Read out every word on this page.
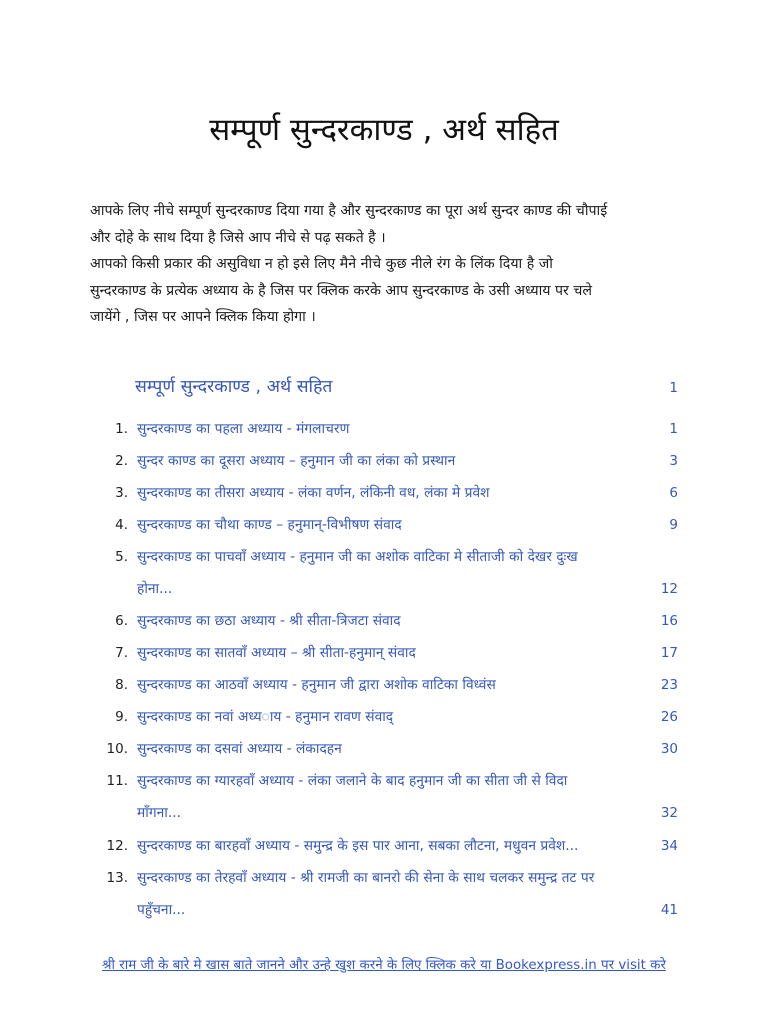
सम्पूर्ण सुन्दरकाण्ड , अर्थ सहित

आपके लिए नीचे सम्पूर्ण सुन्दरकाण्ड दिया गया है और सुन्दरकाण्ड का पूरा अर्थ सुन्दर काण्ड की चौपाई

और दोहे के साथ दिया है जिसे आप नीचे से पढ़ सकते है ।

आपको किसी प्रकार की असुविधा न हो इसे लिए मैने नीचे कुछ नीले रंग के लिंक दिया है जो

सुन्दरकाण्ड के प्रत्येक अध्याय के है जिस पर क्लिक करके आप सुन्दरकाण्ड के उसी अध्याय पर चले

जायेंगे , जिस पर आपने क्लिक किया होगा ।

सम्पूर्ण सुन्दरकाण्ड , अर्थ सहित	1
1. सुन्दरकाण्ड का पहला अध्याय - मंगलाचरण	1
2. सुन्दर काण्ड का दूसरा अध्याय – हनुमान जी का लंका को प्रस्थान	3
3. सुन्दरकाण्ड का तीसरा अध्याय - लंका वर्णन, लंकिनी वध, लंका मे प्रवेश	6
4. सुन्दरकाण्ड का चौथा काण्ड – हनुमान्-विभीषण संवाद	9
5. सुन्दरकाण्ड का पाचवाँ अध्याय - हनुमान जी का अशोक वाटिका मे सीताजी को देखर दुःख
होना...	12
6. सुन्दरकाण्ड का छठा अध्याय - श्री सीता-त्रिजटा संवाद	16
7. सुन्दरकाण्ड का सातवाँ अध्याय – श्री सीता-हनुमान् संवाद	17
8. सुन्दरकाण्ड का आठवाँ अध्याय - हनुमान जी द्वारा अशोक वाटिका विध्वंस	23
9. सुन्दरकाण्ड का नवां अध्य◌ाय - हनुमान रावण संवाद्	26
10. सुन्दरकाण्ड का दसवां अध्याय - लंकादहन	30
11. सुन्दरकाण्ड का ग्यारहवाँ अध्याय - लंका जलाने के बाद हनुमान जी का सीता जी से विदा
माँगना...	32
12. सुन्दरकाण्ड का बारहवाँ अध्याय - समुन्द्र के इस पार आना, सबका लौटना, मधुवन प्रवेश...	34
13. सुन्दरकाण्ड का तेरहवाँ अध्याय - श्री रामजी का बानरो की सेना के साथ चलकर समुन्द्र तट पर
पहुँचना...	41
श्री राम जी के बारे मे खास बाते जानने और उन्हे खुश करने के लिए क्लिक करे या Bookexpress.in पर visit करे
